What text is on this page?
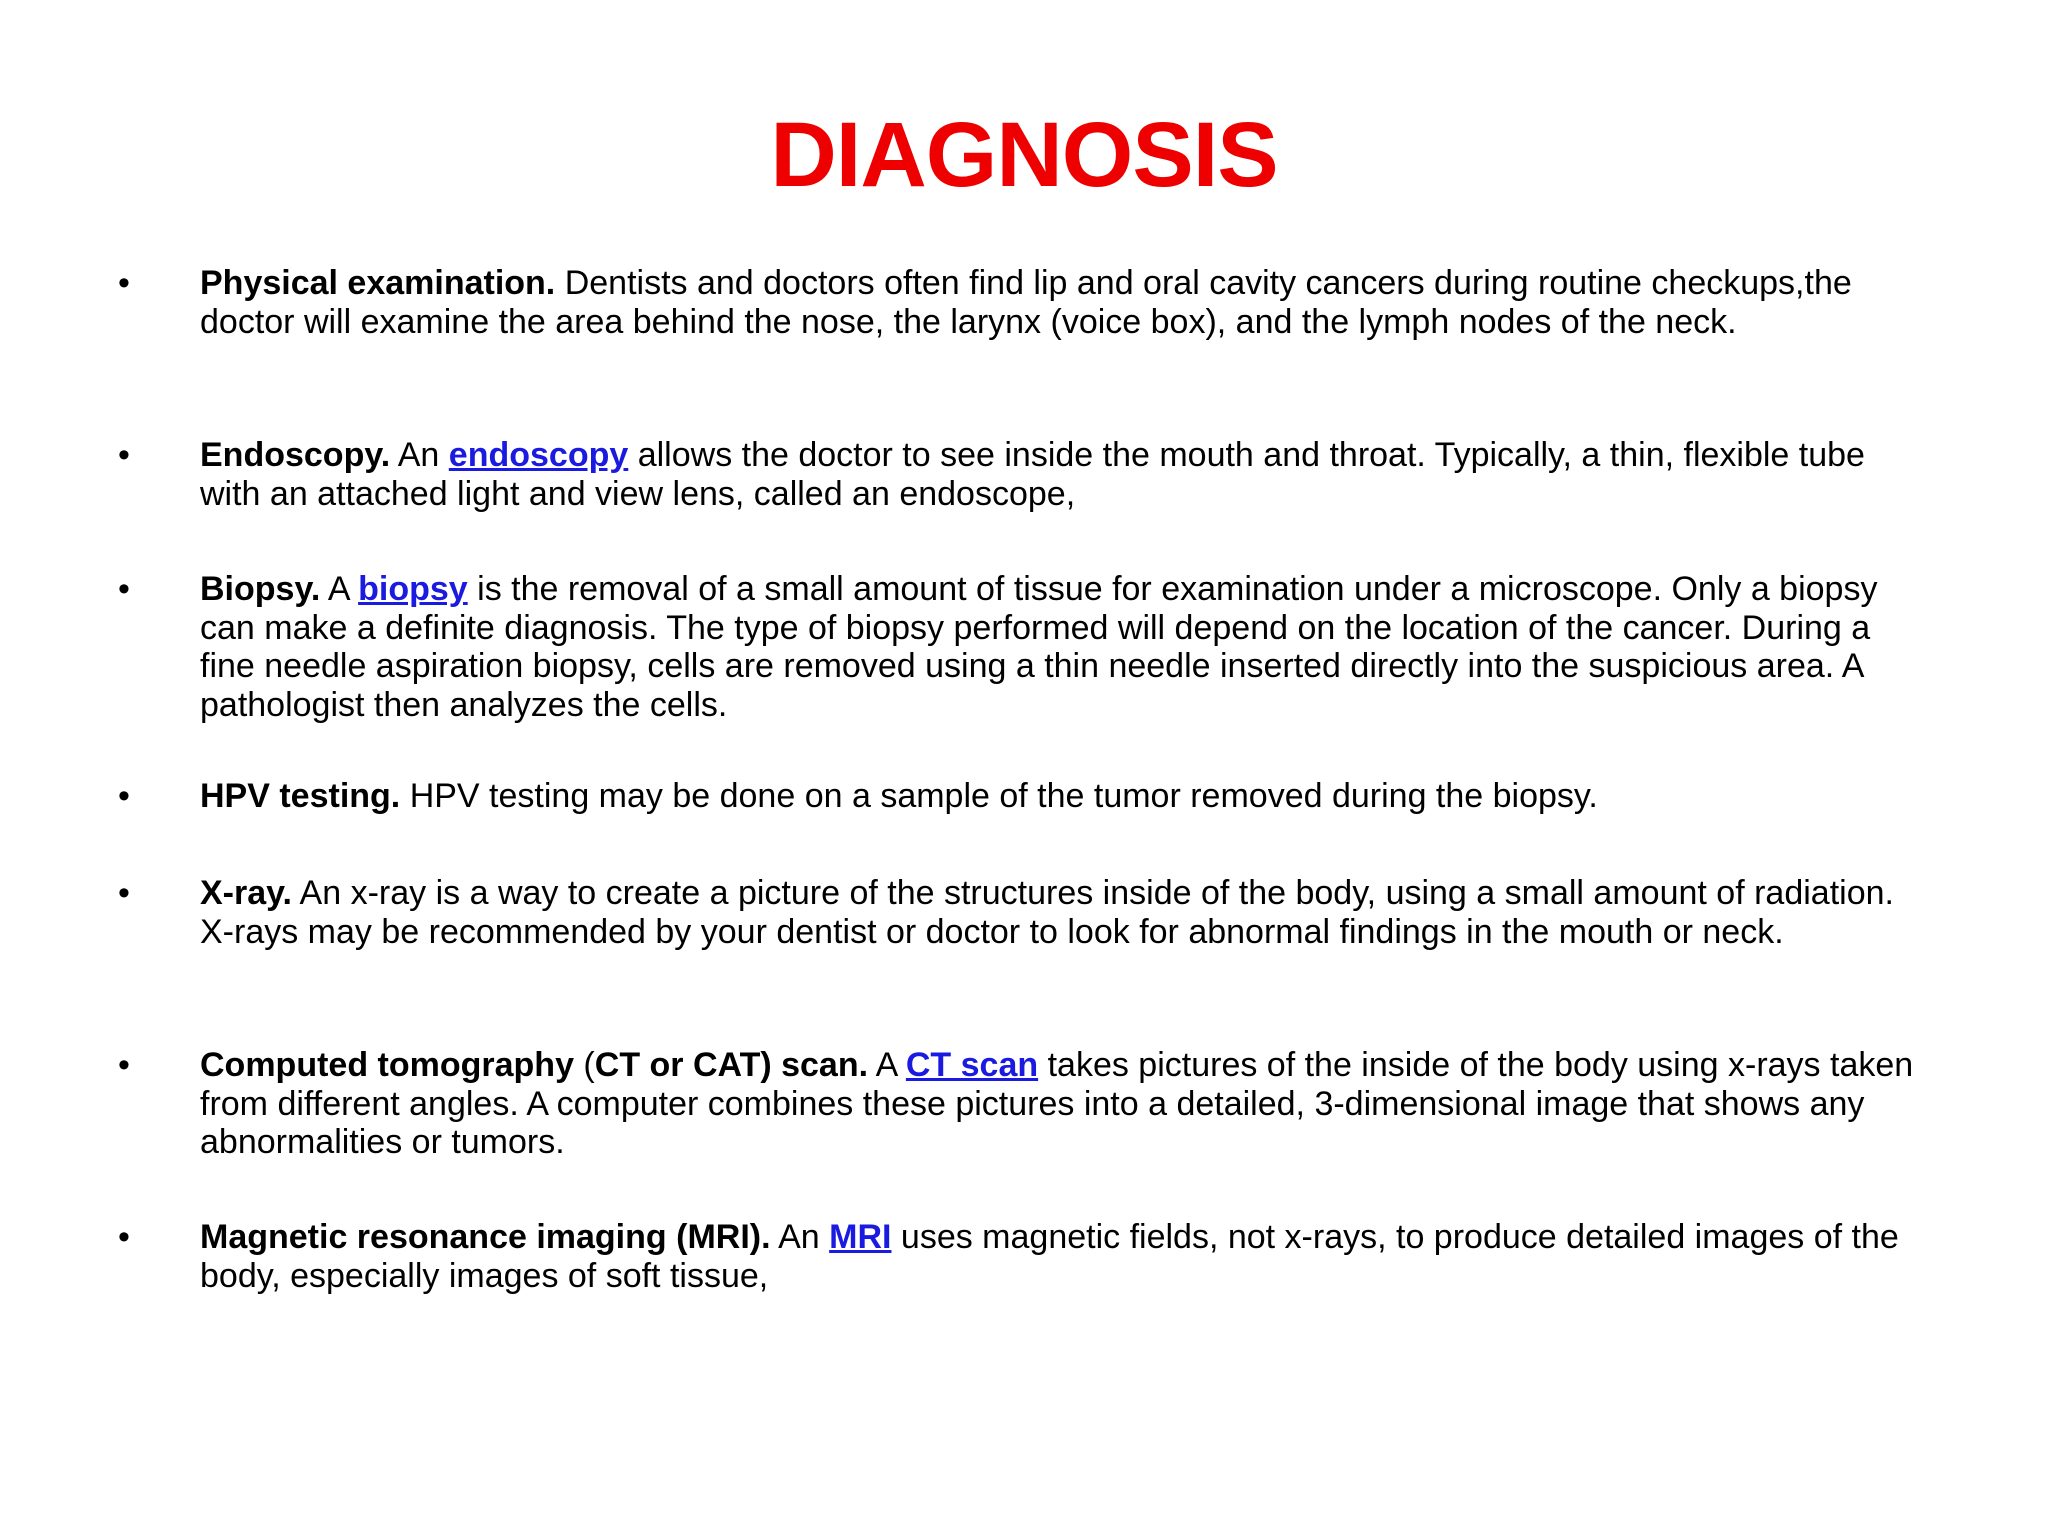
DIAGNOSIS
• Physical examination. Dentists and doctors often find lip and oral cavity cancers during routine checkups,the doctor will examine the area behind the nose, the larynx (voice box), and the lymph nodes of the neck.
• Endoscopy. An endoscopy allows the doctor to see inside the mouth and throat. Typically, a thin, flexible tube with an attached light and view lens, called an endoscope,
• Biopsy. A biopsy is the removal of a small amount of tissue for examination under a microscope. Only a biopsy can make a definite diagnosis. The type of biopsy performed will depend on the location of the cancer. During a fine needle aspiration biopsy, cells are removed using a thin needle inserted directly into the suspicious area. A pathologist then analyzes the cells.
• HPV testing. HPV testing may be done on a sample of the tumor removed during the biopsy.
• X-ray. An x-ray is a way to create a picture of the structures inside of the body, using a small amount of radiation. X-rays may be recommended by your dentist or doctor to look for abnormal findings in the mouth or neck.
• Computed tomography (CT or CAT) scan. A CT scan takes pictures of the inside of the body using x-rays taken from different angles. A computer combines these pictures into a detailed, 3-dimensional image that shows any abnormalities or tumors.
• Magnetic resonance imaging (MRI). An MRI uses magnetic fields, not x-rays, to produce detailed images of the body, especially images of soft tissue,
